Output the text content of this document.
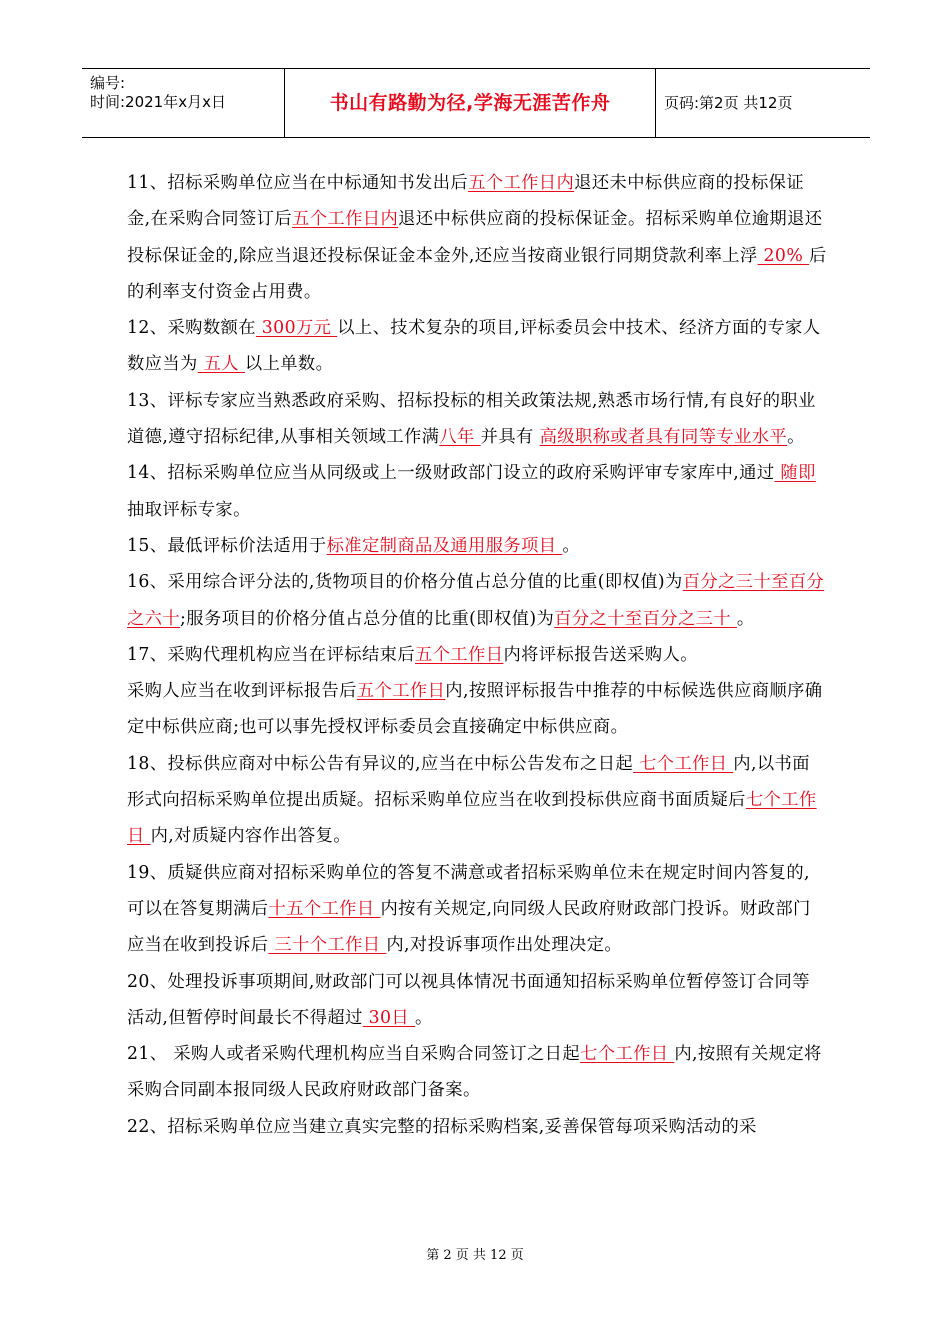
编号:
时间:2021年x月x日	书山有路勤为径,学海无涯苦作舟	页码:第2页 共12页

11、招标采购单位应当在中标通知书发出后五个工作日内退还未中标供应商的投标保证金,在采购合同签订后五个工作日内退还中标供应商的投标保证金。招标采购单位逾期退还投标保证金的,除应当退还投标保证金本金外,还应当按商业银行同期贷款利率上浮 20% 后的利率支付资金占用费。

12、采购数额在 300万元 以上、技术复杂的项目,评标委员会中技术、经济方面的专家人数应当为 五人 以上单数。

13、评标专家应当熟悉政府采购、招标投标的相关政策法规,熟悉市场行情,有良好的职业道德,遵守招标纪律,从事相关领域工作满八年 并具有 高级职称或者具有同等专业水平。

14、招标采购单位应当从同级或上一级财政部门设立的政府采购评审专家库中,通过 随即 抽取评标专家。

15、最低评标价法适用于标准定制商品及通用服务项目 。

16、采用综合评分法的,货物项目的价格分值占总分值的比重(即权值)为百分之三十至百分之六十;服务项目的价格分值占总分值的比重(即权值)为百分之十至百分之三十 。

17、采购代理机构应当在评标结束后五个工作日内将评标报告送采购人。

采购人应当在收到评标报告后五个工作日内,按照评标报告中推荐的中标候选供应商顺序确定中标供应商;也可以事先授权评标委员会直接确定中标供应商。

18、投标供应商对中标公告有异议的,应当在中标公告发布之日起 七个工作日 内,以书面形式向招标采购单位提出质疑。招标采购单位应当在收到投标供应商书面质疑后七个工作日 内,对质疑内容作出答复。

19、质疑供应商对招标采购单位的答复不满意或者招标采购单位未在规定时间内答复的,可以在答复期满后十五个工作日 内按有关规定,向同级人民政府财政部门投诉。财政部门应当在收到投诉后 三十个工作日 内,对投诉事项作出处理决定。

20、处理投诉事项期间,财政部门可以视具体情况书面通知招标采购单位暂停签订合同等活动,但暂停时间最长不得超过 30日 。

21、 采购人或者采购代理机构应当自采购合同签订之日起七个工作日 内,按照有关规定将采购合同副本报同级人民政府财政部门备案。

22、招标采购单位应当建立真实完整的招标采购档案,妥善保管每项采购活动的采

第 2 页 共 12 页
